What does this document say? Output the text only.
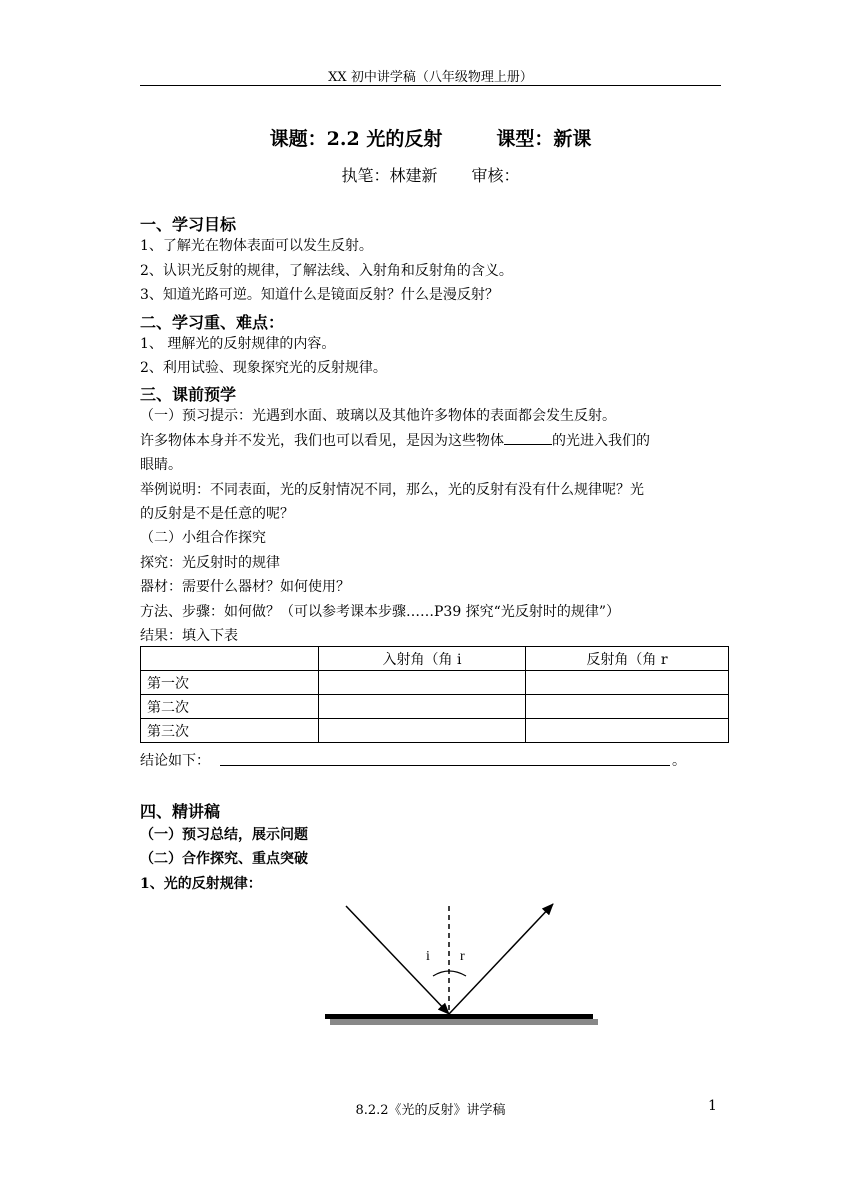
XX 初中讲学稿（八年级物理上册）
课题：2.2 光的反射	课型：新课
执笔：林建新 审核：
一、学习目标
1、了解光在物体表面可以发生反射。
2、认识光反射的规律，了解法线、入射角和反射角的含义。
3、知道光路可逆。知道什么是镜面反射？什么是漫反射？
二、学习重、难点：
1、 理解光的反射规律的内容。
2、利用试验、现象探究光的反射规律。
三、课前预学
（一）预习提示：光遇到水面、玻璃以及其他许多物体的表面都会发生反射。
许多物体本身并不发光，我们也可以看见，是因为这些物体	的光进入我们的
眼睛。
举例说明：不同表面，光的反射情况不同，那么，光的反射有没有什么规律呢？光
的反射是不是任意的呢？
（二）小组合作探究
探究：光反射时的规律
器材：需要什么器材？如何使用？
方法、步骤：如何做？（可以参考课本步骤……P39 探究“光反射时的规律”）
结果：填入下表
	入射角（角 i	反射角（角 r
第一次		
第二次		
第三次		
结论如下：	。
四、精讲稿
（一）预习总结，展示问题
（二）合作探究、重点突破
1、光的反射规律：
i r
8.2.2《光的反射》讲学稿	1
